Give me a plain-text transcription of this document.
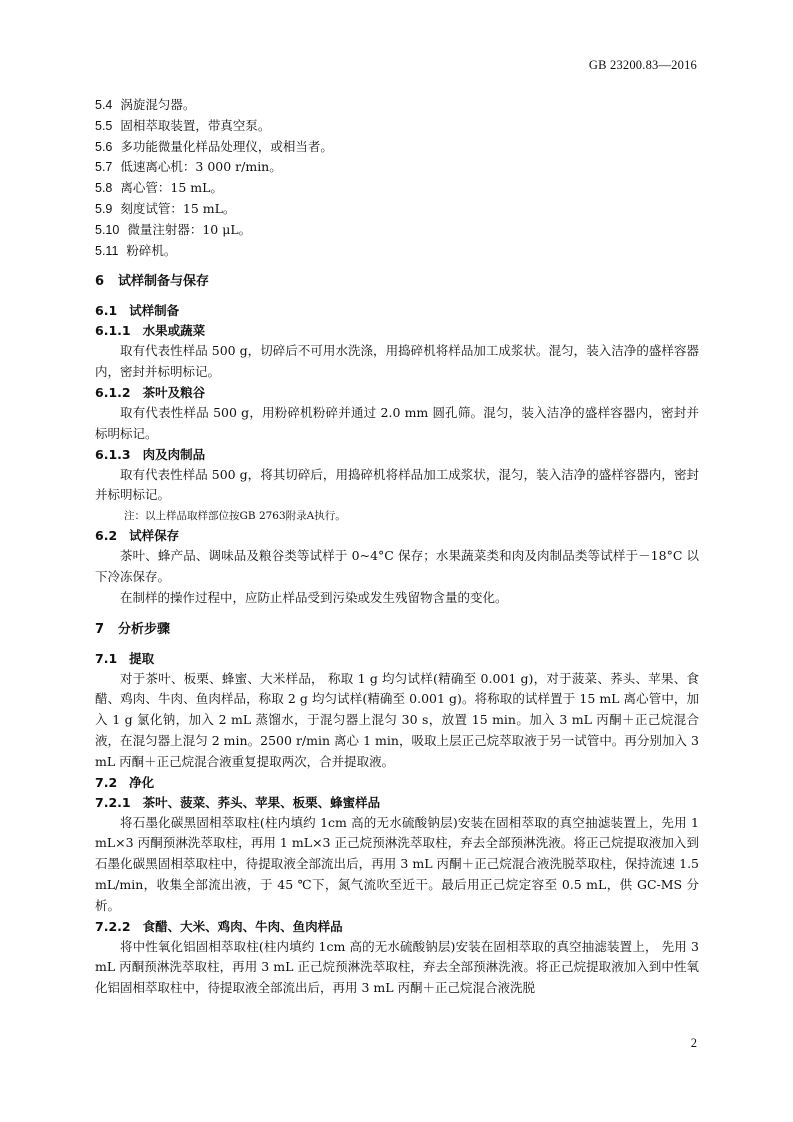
GB 23200.83—2016
5.4 涡旋混匀器。
5.5 固相萃取装置，带真空泵。
5.6 多功能微量化样品处理仪，或相当者。
5.7 低速离心机：3 000 r/min。
5.8 离心管：15 mL。
5.9 刻度试管：15 mL。
5.10 微量注射器：10 μL。
5.11 粉碎机。
6 试样制备与保存
6.1 试样制备
6.1.1 水果或蔬菜
取有代表性样品 500 g，切碎后不可用水洗涤，用捣碎机将样品加工成浆状。混匀，装入洁净的盛样容器内，密封并标明标记。
6.1.2 茶叶及粮谷
取有代表性样品 500 g，用粉碎机粉碎并通过 2.0 mm 圆孔筛。混匀，装入洁净的盛样容器内，密封并标明标记。
6.1.3 肉及肉制品
取有代表性样品 500 g，将其切碎后，用捣碎机将样品加工成浆状，混匀，装入洁净的盛样容器内，密封并标明标记。
注：以上样品取样部位按GB 2763附录A执行。
6.2 试样保存
茶叶、蜂产品、调味品及粮谷类等试样于 0~4°C 保存；水果蔬菜类和肉及肉制品类等试样于－18°C 以下冷冻保存。
在制样的操作过程中，应防止样品受到污染或发生残留物含量的变化。
7 分析步骤
7.1 提取
对于茶叶、板栗、蜂蜜、大米样品， 称取 1 g 均匀试样(精确至 0.001 g)，对于菠菜、荞头、苹果、食醋、鸡肉、牛肉、鱼肉样品，称取 2 g 均匀试样(精确至 0.001 g)。将称取的试样置于 15 mL 离心管中，加入 1 g 氯化钠，加入 2 mL 蒸馏水，于混匀器上混匀 30 s，放置 15 min。加入 3 mL 丙酮＋正己烷混合液，在混匀器上混匀 2 min。2500 r/min 离心 1 min，吸取上层正己烷萃取液于另一试管中。再分别加入 3 mL 丙酮＋正己烷混合液重复提取两次，合并提取液。
7.2 净化
7.2.1 茶叶、菠菜、荞头、苹果、板栗、蜂蜜样品
将石墨化碳黑固相萃取柱(柱内填约 1cm 高的无水硫酸钠层)安装在固相萃取的真空抽滤装置上，先用 1 mL×3 丙酮预淋洗萃取柱，再用 1 mL×3 正己烷预淋洗萃取柱，弃去全部预淋洗液。将正己烷提取液加入到石墨化碳黑固相萃取柱中，待提取液全部流出后，再用 3 mL 丙酮＋正己烷混合液洗脱萃取柱，保持流速 1.5 mL/min，收集全部流出液，于 45 ℃下，氮气流吹至近干。最后用正己烷定容至 0.5 mL，供 GC-MS 分析。
7.2.2 食醋、大米、鸡肉、牛肉、鱼肉样品
将中性氧化铝固相萃取柱(柱内填约 1cm 高的无水硫酸钠层)安装在固相萃取的真空抽滤装置上， 先用 3 mL 丙酮预淋洗萃取柱，再用 3 mL 正己烷预淋洗萃取柱，弃去全部预淋洗液。将正己烷提取液加入到中性氧化铝固相萃取柱中，待提取液全部流出后，再用 3 mL 丙酮＋正己烷混合液洗脱
2
